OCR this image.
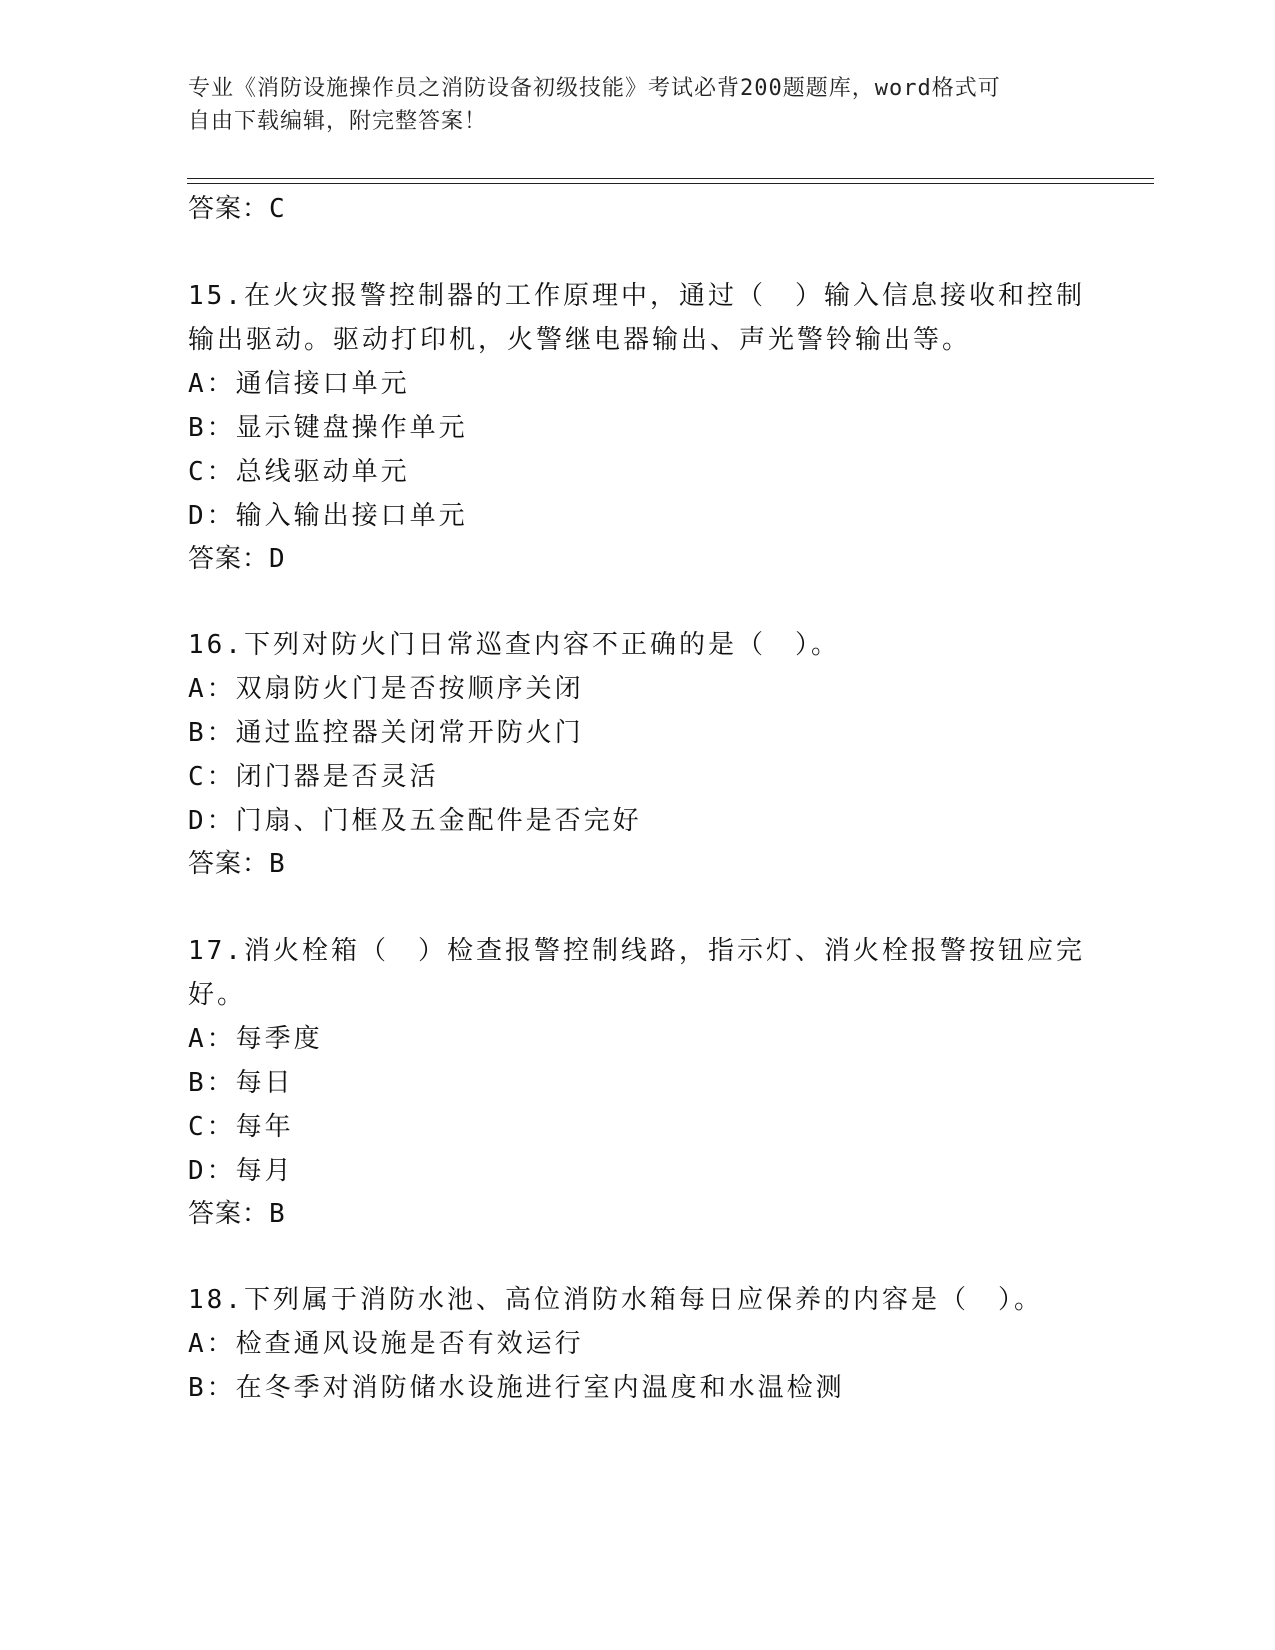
专业《消防设施操作员之消防设备初级技能》考试必背200题题库，word格式可
自由下载编辑，附完整答案！
答案：C
15.在火灾报警控制器的工作原理中，通过（　）输入信息接收和控制
输出驱动。驱动打印机，火警继电器输出、声光警铃输出等。
A：通信接口单元
B：显示键盘操作单元
C：总线驱动单元
D：输入输出接口单元
答案：D
16.下列对防火门日常巡查内容不正确的是（　）。
A：双扇防火门是否按顺序关闭
B：通过监控器关闭常开防火门
C：闭门器是否灵活
D：门扇、门框及五金配件是否完好
答案：B
17.消火栓箱（　）检查报警控制线路，指示灯、消火栓报警按钮应完
好。
A：每季度
B：每日
C：每年
D：每月
答案：B
18.下列属于消防水池、高位消防水箱每日应保养的内容是（　）。
A：检查通风设施是否有效运行
B：在冬季对消防储水设施进行室内温度和水温检测
